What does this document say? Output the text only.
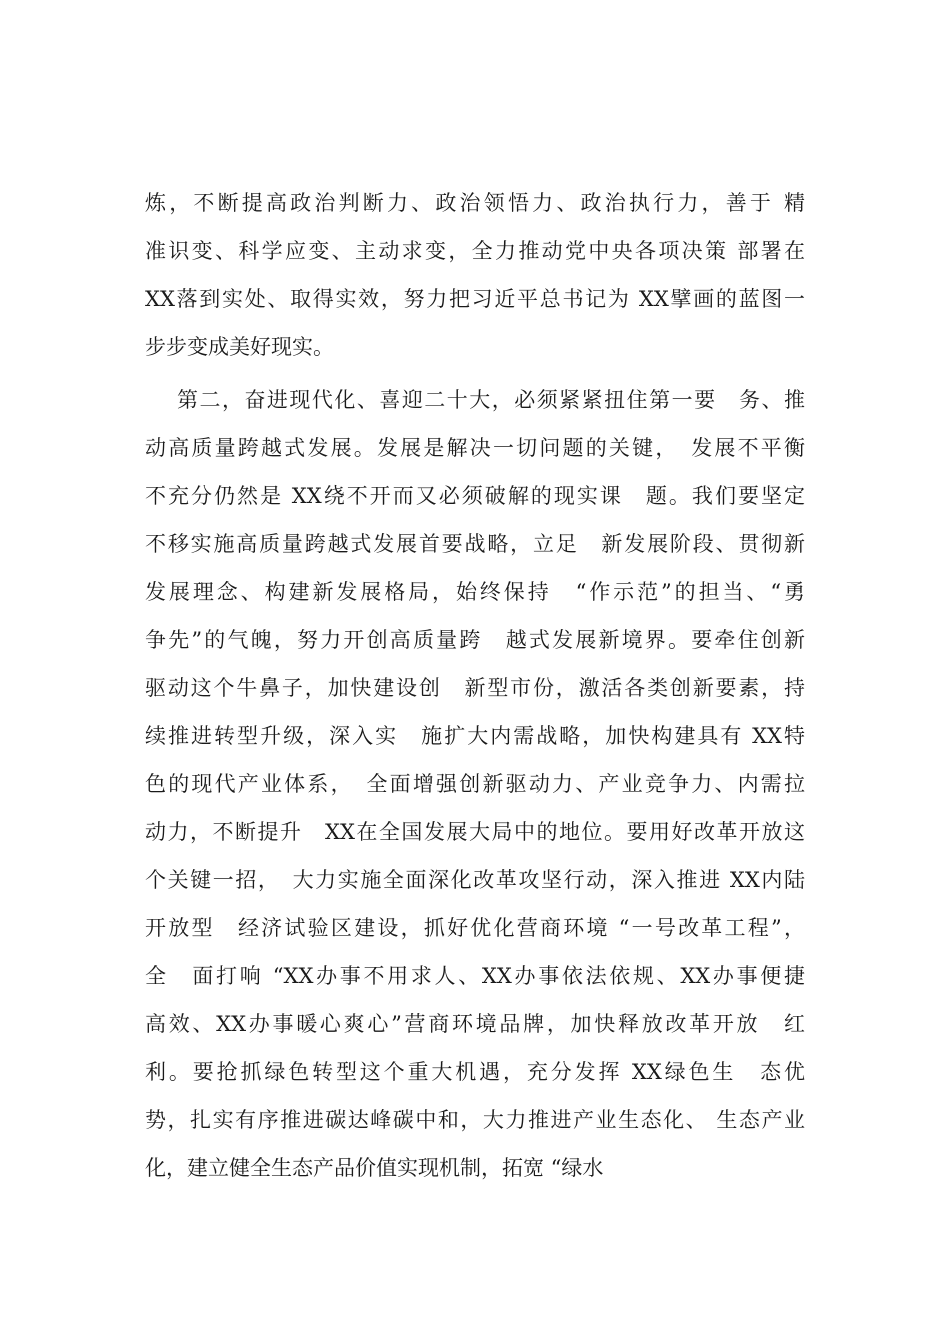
炼，不断提高政治判断力、政治领悟力、政治执行力，善于 精
准识变、科学应变、主动求变，全力推动党中央各项决策 部署在
XX落到实处、取得实效，努力把习近平总书记为 XX擘画的蓝图一
步步变成美好现实。
第二，奋进现代化、喜迎二十大，必须紧紧扭住第一要　务、推
动高质量跨越式发展。发展是解决一切问题的关键，　发展不平衡
不充分仍然是 XX绕不开而又必须破解的现实课　题。我们要坚定
不移实施高质量跨越式发展首要战略，立足　新发展阶段、贯彻新
发展理念、构建新发展格局，始终保持　“作示范”的担当、“勇
争先”的气魄，努力开创高质量跨　越式发展新境界。要牵住创新
驱动这个牛鼻子，加快建设创　新型市份，激活各类创新要素，持
续推进转型升级，深入实　施扩大内需战略，加快构建具有 XX特
色的现代产业体系，　全面增强创新驱动力、产业竞争力、内需拉
动力，不断提升　XX在全国发展大局中的地位。要用好改革开放这
个关键一招，　大力实施全面深化改革攻坚行动，深入推进 XX内陆
开放型　经济试验区建设，抓好优化营商环境 “一号改革工程”，
全　面打响 “XX办事不用求人、XX办事依法依规、XX办事便捷
高效、XX办事暖心爽心”营商环境品牌，加快释放改革开放　红
利。要抢抓绿色转型这个重大机遇，充分发挥 XX绿色生　态优
势，扎实有序推进碳达峰碳中和，大力推进产业生态化、 生态产业
化，建立健全生态产品价值实现机制，拓宽 “绿水
